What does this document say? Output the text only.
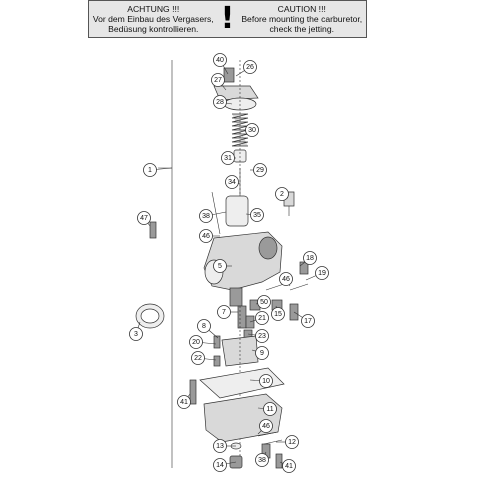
ACHTUNG !!!
Vor dem Einbau des Vergasers,
Bedüsung kontrollieren. !	CAUTION !!!
Before mounting the carburetor,
check the jetting.
40
26
27
28
30
31
29
34
2
38	35
47
46
18
19
46
1
5
50
15
17
7
21
23
8
20
9
22
3
10
41
11
46
13
12
14
38
41
